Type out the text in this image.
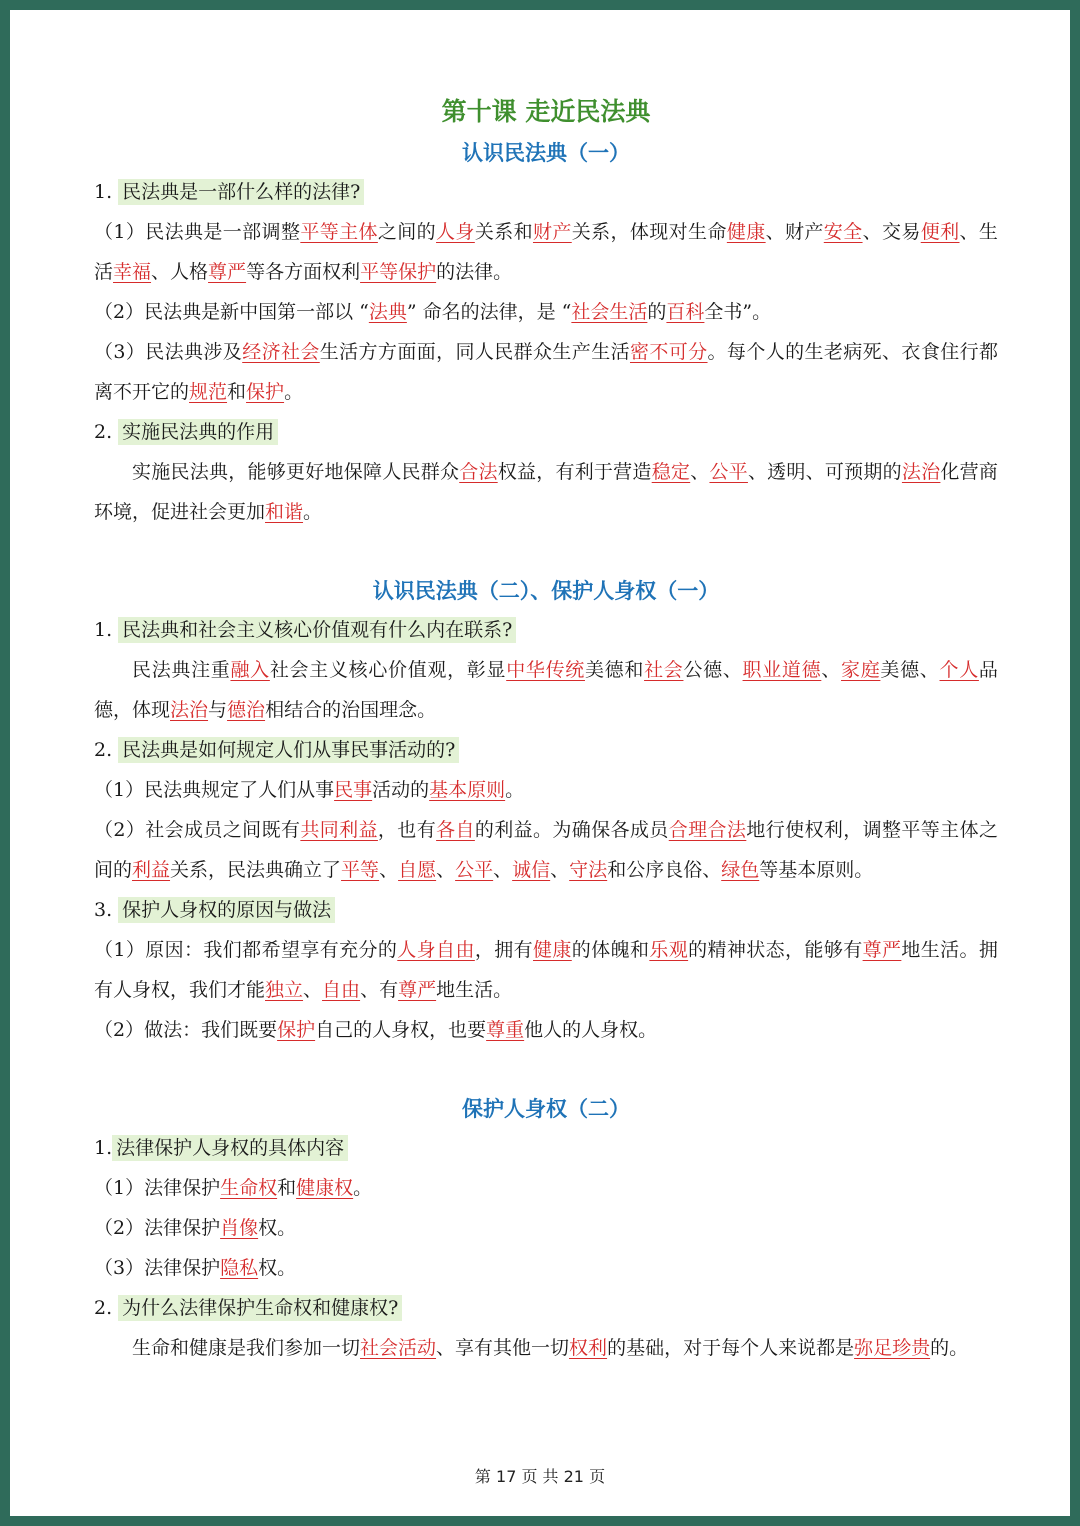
第十课 走近民法典
认识民法典（一）
1. 民法典是一部什么样的法律?
（1）民法典是一部调整平等主体之间的人身关系和财产关系，体现对生命健康、财产安全、交易便利、生活幸福、人格尊严等各方面权利平等保护的法律。
（2）民法典是新中国第一部以 “法典” 命名的法律，是 “社会生活的百科全书”。
（3）民法典涉及经济社会生活方方面面，同人民群众生产生活密不可分。每个人的生老病死、衣食住行都离不开它的规范和保护。
2. 实施民法典的作用
实施民法典，能够更好地保障人民群众合法权益，有利于营造稳定、公平、透明、可预期的法治化营商环境，促进社会更加和谐。
认识民法典（二）、保护人身权（一）
1. 民法典和社会主义核心价值观有什么内在联系?
民法典注重融入社会主义核心价值观，彰显中华传统美德和社会公德、职业道德、家庭美德、个人品德，体现法治与德治相结合的治国理念。
2. 民法典是如何规定人们从事民事活动的?
（1）民法典规定了人们从事民事活动的基本原则。
（2）社会成员之间既有共同利益，也有各自的利益。为确保各成员合理合法地行使权利，调整平等主体之间的利益关系，民法典确立了平等、自愿、公平、诚信、守法和公序良俗、绿色等基本原则。
3. 保护人身权的原因与做法
（1）原因：我们都希望享有充分的人身自由，拥有健康的体魄和乐观的精神状态，能够有尊严地生活。拥有人身权，我们才能独立、自由、有尊严地生活。
（2）做法：我们既要保护自己的人身权，也要尊重他人的人身权。
保护人身权（二）
1. 法律保护人身权的具体内容
（1）法律保护生命权和健康权。
（2）法律保护肖像权。
（3）法律保护隐私权。
2. 为什么法律保护生命权和健康权?
生命和健康是我们参加一切社会活动、享有其他一切权利的基础，对于每个人来说都是弥足珍贵的。
第 17 页 共 21 页
